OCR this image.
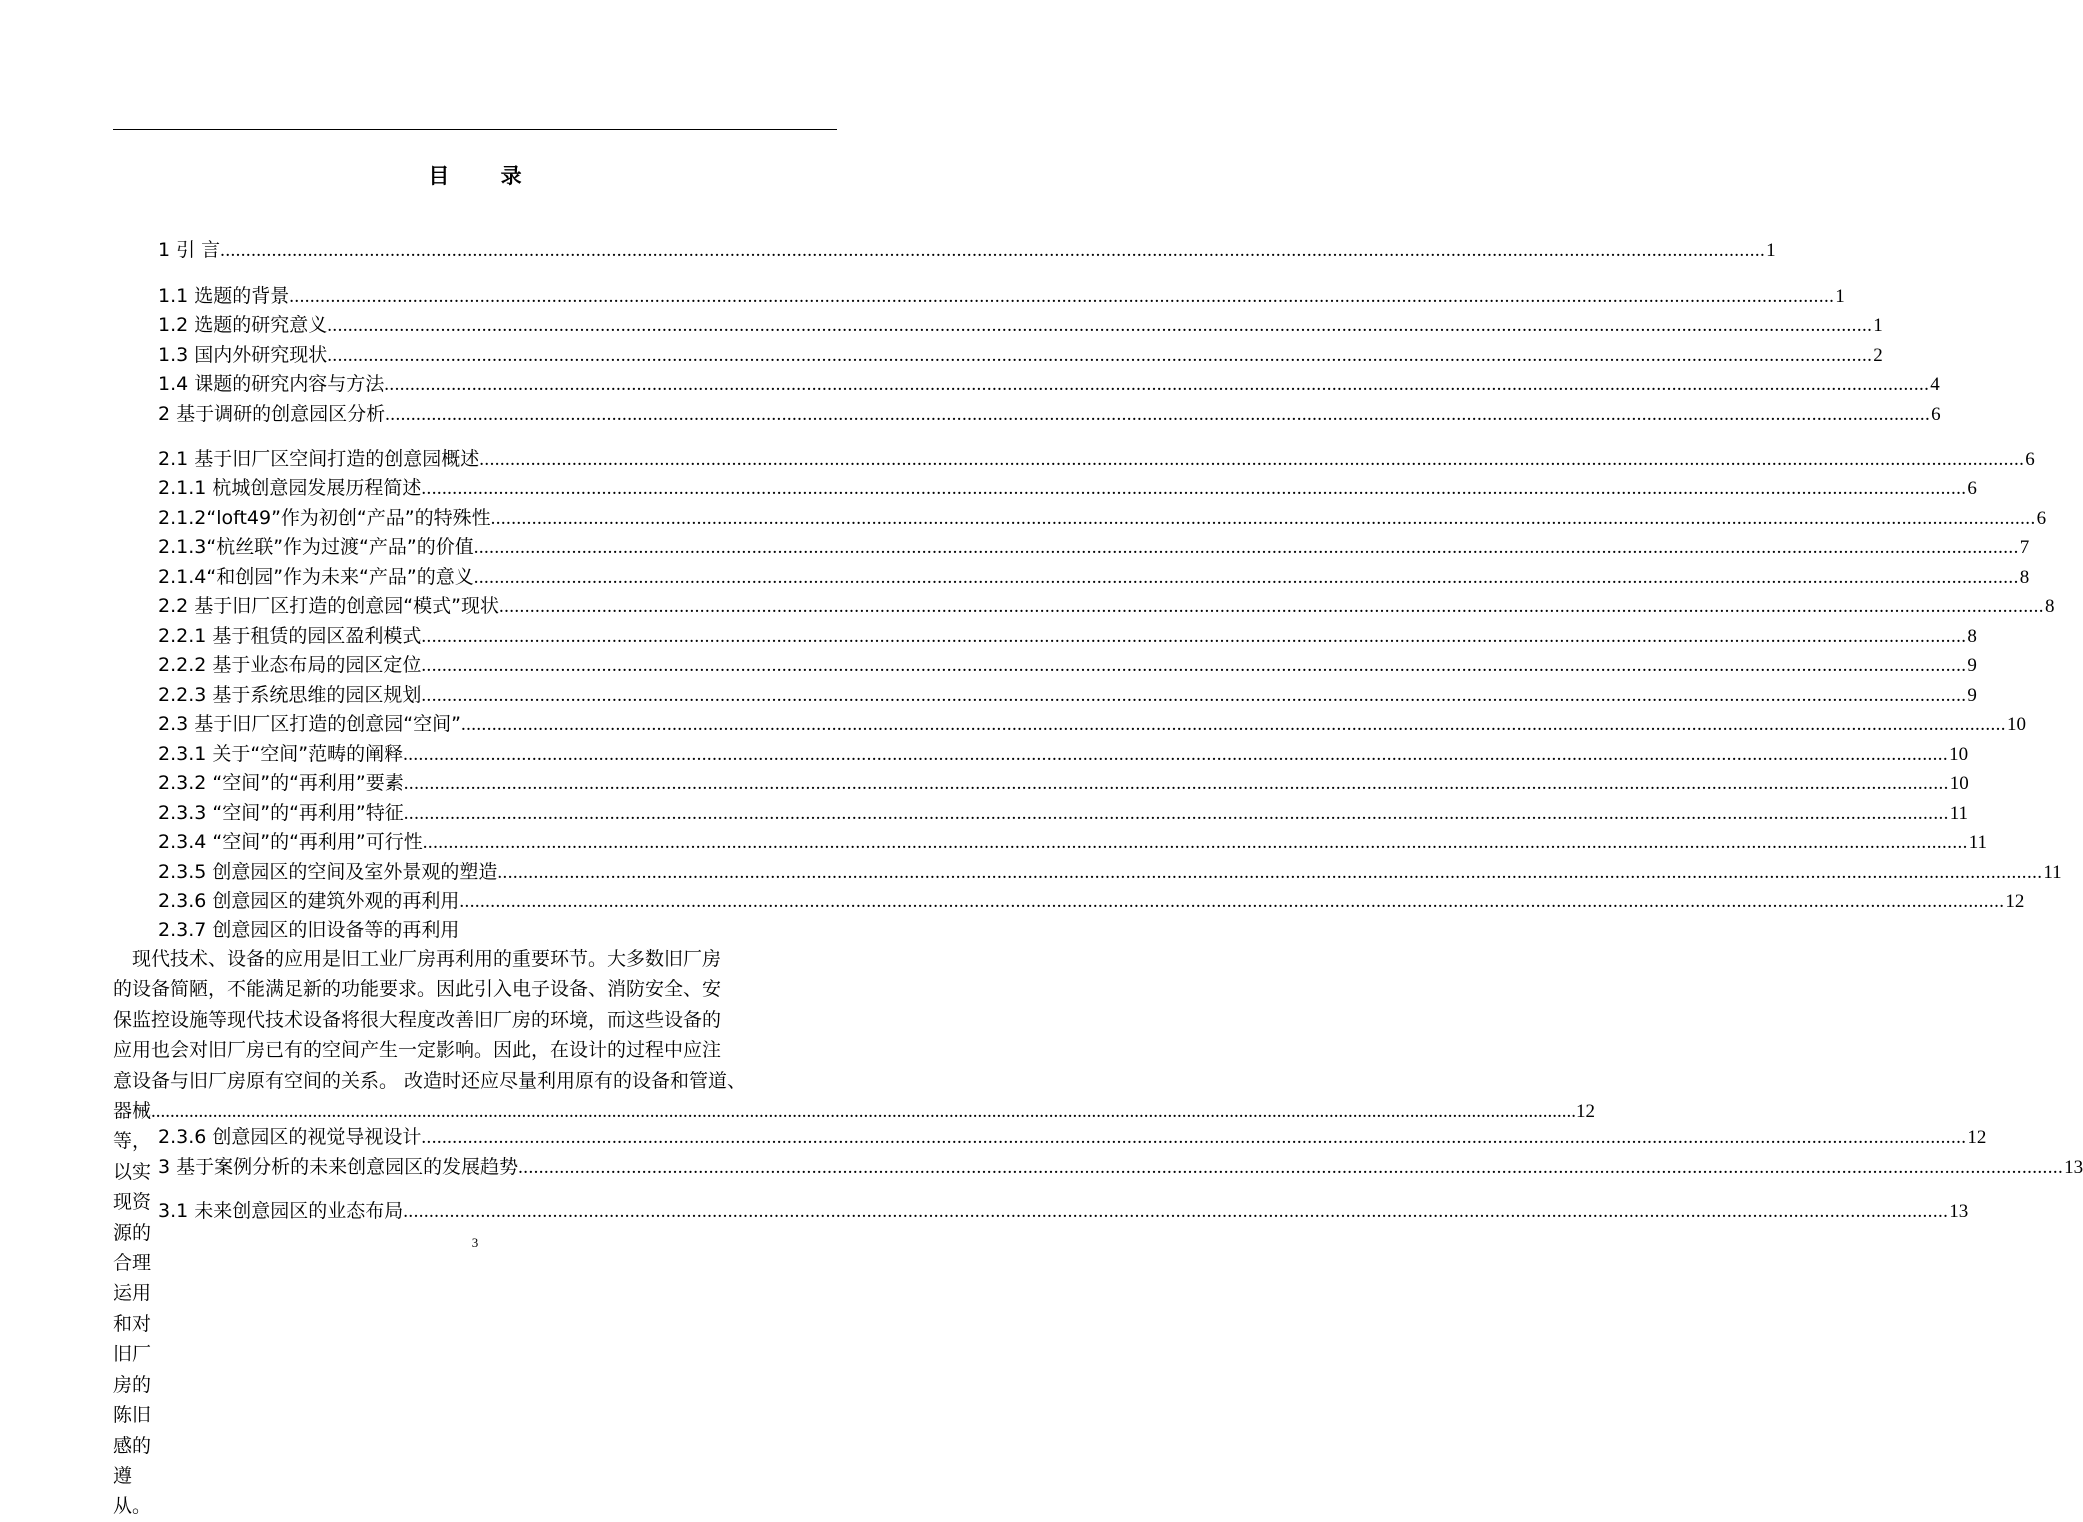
目 录
1 引 言 ............................................................................................................................................................................................................................................................................................................ 1
1.1 选题的背景 ............................................................................................................................................................................................................................................................................................................ 1
1.2 选题的研究意义 ............................................................................................................................................................................................................................................................................................................ 1
1.3 国内外研究现状 ............................................................................................................................................................................................................................................................................................................ 2
1.4 课题的研究内容与方法 ............................................................................................................................................................................................................................................................................................................ 4
2 基于调研的创意园区分析 ............................................................................................................................................................................................................................................................................................................ 6
2.1 基于旧厂区空间打造的创意园概述 ............................................................................................................................................................................................................................................................................................................ 6
2.1.1 杭城创意园发展历程简述 ............................................................................................................................................................................................................................................................................................................ 6
2.1.2“loft49”作为初创“产品”的特殊性 ............................................................................................................................................................................................................................................................................................................ 6
2.1.3“杭丝联”作为过渡“产品”的价值 ............................................................................................................................................................................................................................................................................................................ 7
2.1.4“和创园”作为未来“产品”的意义 ............................................................................................................................................................................................................................................................................................................ 8
2.2 基于旧厂区打造的创意园“模式”现状 ............................................................................................................................................................................................................................................................................................................ 8
2.2.1 基于租赁的园区盈利模式 ............................................................................................................................................................................................................................................................................................................ 8
2.2.2 基于业态布局的园区定位 ............................................................................................................................................................................................................................................................................................................ 9
2.2.3 基于系统思维的园区规划 ............................................................................................................................................................................................................................................................................................................ 9
2.3 基于旧厂区打造的创意园“空间” ............................................................................................................................................................................................................................................................................................................ 10
2.3.1 关于“空间”范畴的阐释 ............................................................................................................................................................................................................................................................................................................ 10
2.3.2 “空间”的“再利用”要素 ............................................................................................................................................................................................................................................................................................................ 10
2.3.3 “空间”的“再利用”特征 ............................................................................................................................................................................................................................................................................................................ 11
2.3.4 “空间”的“再利用”可行性 ............................................................................................................................................................................................................................................................................................................ 11
2.3.5 创意园区的空间及室外景观的塑造 ............................................................................................................................................................................................................................................................................................................ 11
2.3.6 创意园区的建筑外观的再利用 ............................................................................................................................................................................................................................................................................................................ 12
2.3.7 创意园区的旧设备等的再利用
2.3.6 创意园区的视觉导视设计 ............................................................................................................................................................................................................................................................................................................ 12
3 基于案例分析的未来创意园区的发展趋势 ............................................................................................................................................................................................................................................................................................................ 13
3.1 未来创意园区的业态布局 ............................................................................................................................................................................................................................................................................................................ 13

现代技术、设备的应用是旧工业厂房再利用的重要环节。大多数旧厂房

的设备简陋，不能满足新的功能要求。因此引入电子设备、消防安全、安

保监控设施等现代技术设备将很大程度改善旧厂房的环境，而这些设备的

应用也会对旧厂房已有的空间产生一定影响。因此，在设计的过程中应注

意设备与旧厂房原有空间的关系。 改造时还应尽量利用原有的设备和管道、

器械等，以实现资源的合理运用和对旧厂房的陈旧感的遵从。
............................................................................................................................................................................................................................................................................................................ 12
3
